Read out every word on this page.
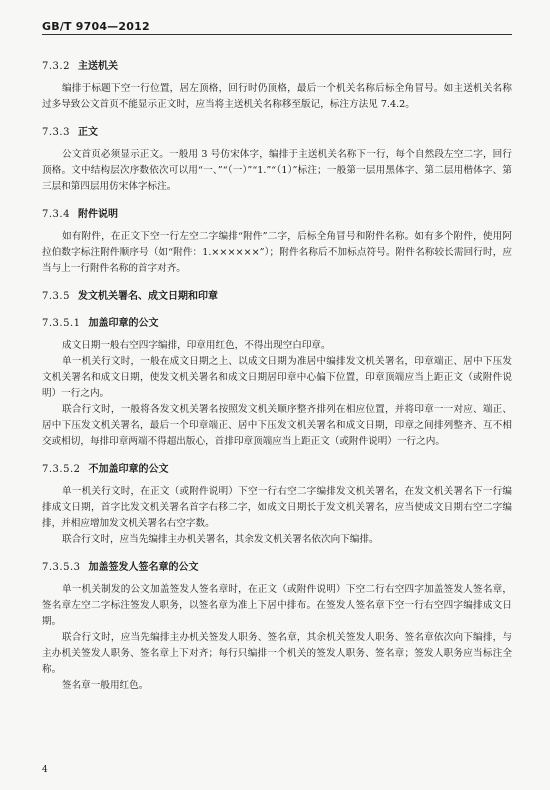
GB/T 9704—2012
7.3.2 主送机关

编排于标题下空一行位置，居左顶格，回行时仍顶格，最后一个机关名称后标全角冒号。如主送机关名称过多导致公文首页不能显示正文时，应当将主送机关名称移至版记，标注方法见 7.4.2。

7.3.3 正文

公文首页必须显示正文。一般用 3 号仿宋体字，编排于主送机关名称下一行，每个自然段左空二字，回行顶格。文中结构层次序数依次可以用“一、”“（一）”“1.”“（1）”标注；一般第一层用黑体字、第二层用楷体字、第三层和第四层用仿宋体字标注。

7.3.4 附件说明

如有附件，在正文下空一行左空二字编排“附件”二字，后标全角冒号和附件名称。如有多个附件，使用阿拉伯数字标注附件顺序号（如“附件：1.××××××”）；附件名称后不加标点符号。附件名称较长需回行时，应当与上一行附件名称的首字对齐。

7.3.5 发文机关署名、成文日期和印章
7.3.5.1 加盖印章的公文

成文日期一般右空四字编排，印章用红色，不得出现空白印章。

单一机关行文时，一般在成文日期之上、以成文日期为准居中编排发文机关署名，印章端正、居中下压发文机关署名和成文日期，使发文机关署名和成文日期居印章中心偏下位置，印章顶端应当上距正文（或附件说明）一行之内。

联合行文时，一般将各发文机关署名按照发文机关顺序整齐排列在相应位置，并将印章一一对应、端正、居中下压发文机关署名，最后一个印章端正、居中下压发文机关署名和成文日期，印章之间排列整齐、互不相交或相切，每排印章两端不得超出版心，首排印章顶端应当上距正文（或附件说明）一行之内。

7.3.5.2 不加盖印章的公文

单一机关行文时，在正文（或附件说明）下空一行右空二字编排发文机关署名，在发文机关署名下一行编排成文日期，首字比发文机关署名首字右移二字，如成文日期长于发文机关署名，应当使成文日期右空二字编排，并相应增加发文机关署名右空字数。

联合行文时，应当先编排主办机关署名，其余发文机关署名依次向下编排。

7.3.5.3 加盖签发人签名章的公文

单一机关制发的公文加盖签发人签名章时，在正文（或附件说明）下空二行右空四字加盖签发人签名章，签名章左空二字标注签发人职务，以签名章为准上下居中排布。在签发人签名章下空一行右空四字编排成文日期。

联合行文时，应当先编排主办机关签发人职务、签名章，其余机关签发人职务、签名章依次向下编排，与主办机关签发人职务、签名章上下对齐；每行只编排一个机关的签发人职务、签名章；签发人职务应当标注全称。

签名章一般用红色。

4
